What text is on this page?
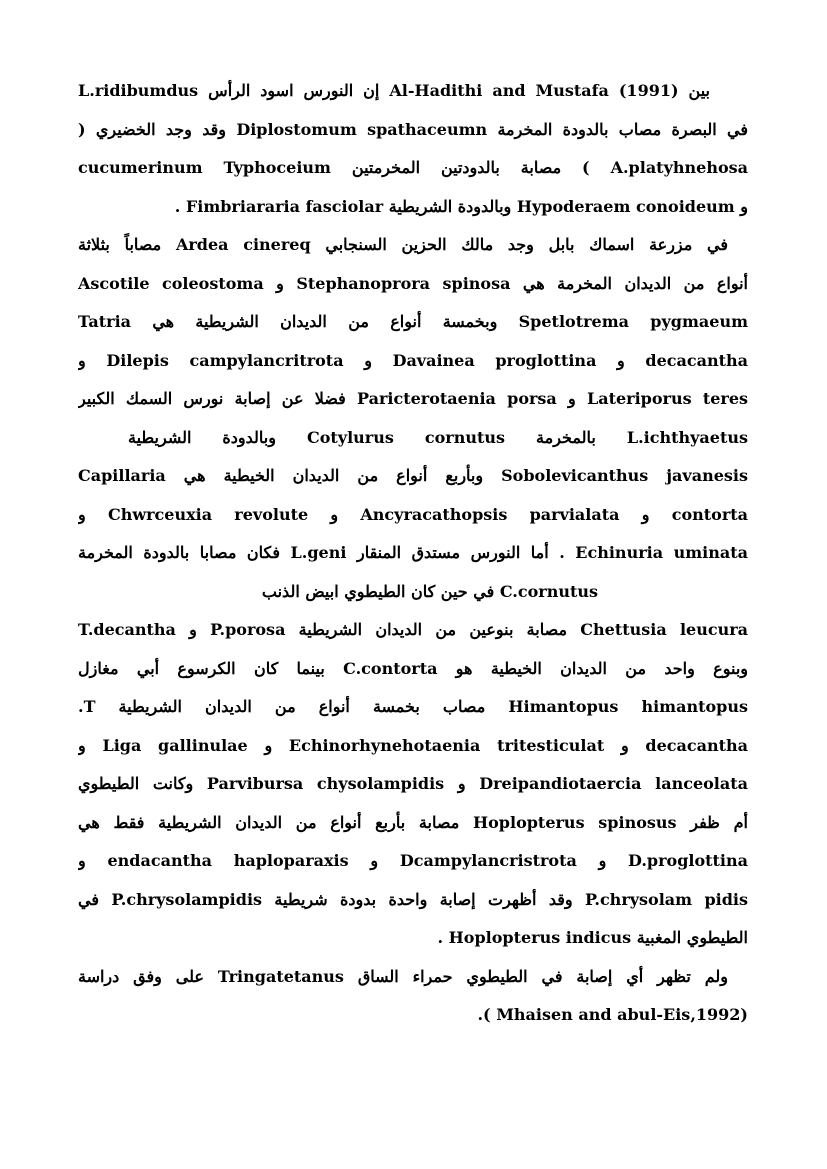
بين Al-Hadithi and Mustafa (1991) إن النورس اسود الرأس L.ridibumdus
في البصرة مصاب بالدودة المخرمة Diplostomum spathaceumn وقد وجد الخضيري (
A.platyhnehosa ) مصابة بالدودتين المخرمتين cucumerinum Typhoceium
و Hypoderaem conoideum وبالدودة الشريطية Fimbriararia fasciolar .
في مزرعة اسماك بابل وجد مالك الحزين السنجابي Ardea cinereq مصاباً بثلاثة
أنواع من الديدان المخرمة هي Stephanoprora spinosa و Ascotile coleostoma
Spetlotrema pygmaeum وبخمسة أنواع من الديدان الشريطية هي Tatria
decacantha و Davainea proglottina و Dilepis campylancritrota و
Lateriporus teres و Paricterotaenia porsa فضلا عن إصابة نورس السمك الكبير
L.ichthyaetus بالمخرمة Cotylurus cornutus وبالدودة الشريطية
Sobolevicanthus javanesis وبأربع أنواع من الديدان الخيطية هي Capillaria
contorta و Ancyracathopsis parvialata و Chwrceuxia revolute و
Echinuria uminata . أما النورس مستدق المنقار L.geni فكان مصابا بالدودة المخرمة
C.cornutus في حين كان الطيطوي ابيض الذنب
Chettusia leucura مصابة بنوعين من الديدان الشريطية P.porosa و T.decantha
وبنوع واحد من الديدان الخيطية هو C.contorta بينما كان الكرسوع أبي مغازل
Himantopus himantopus مصاب بخمسة أنواع من الديدان الشريطية T.
decacantha و Echinorhynehotaenia tritesticulat و Liga gallinulae و
Dreipandiotaercia lanceolata و Parvibursa chysolampidis وكانت الطيطوي
أم ظفر Hoplopterus spinosus مصابة بأربع أنواع من الديدان الشريطية فقط هي
D.proglottina و Dcampylancristrota و endacantha haploparaxis و
P.chrysolam pidis وقد أظهرت إصابة واحدة بدودة شريطية P.chrysolampidis في
الطيطوي المغبية Hoplopterus indicus .
ولم تظهر أي إصابة في الطيطوي حمراء الساق Tringatetanus على وفق دراسة
(Mhaisen and abul-Eis,1992 ).
